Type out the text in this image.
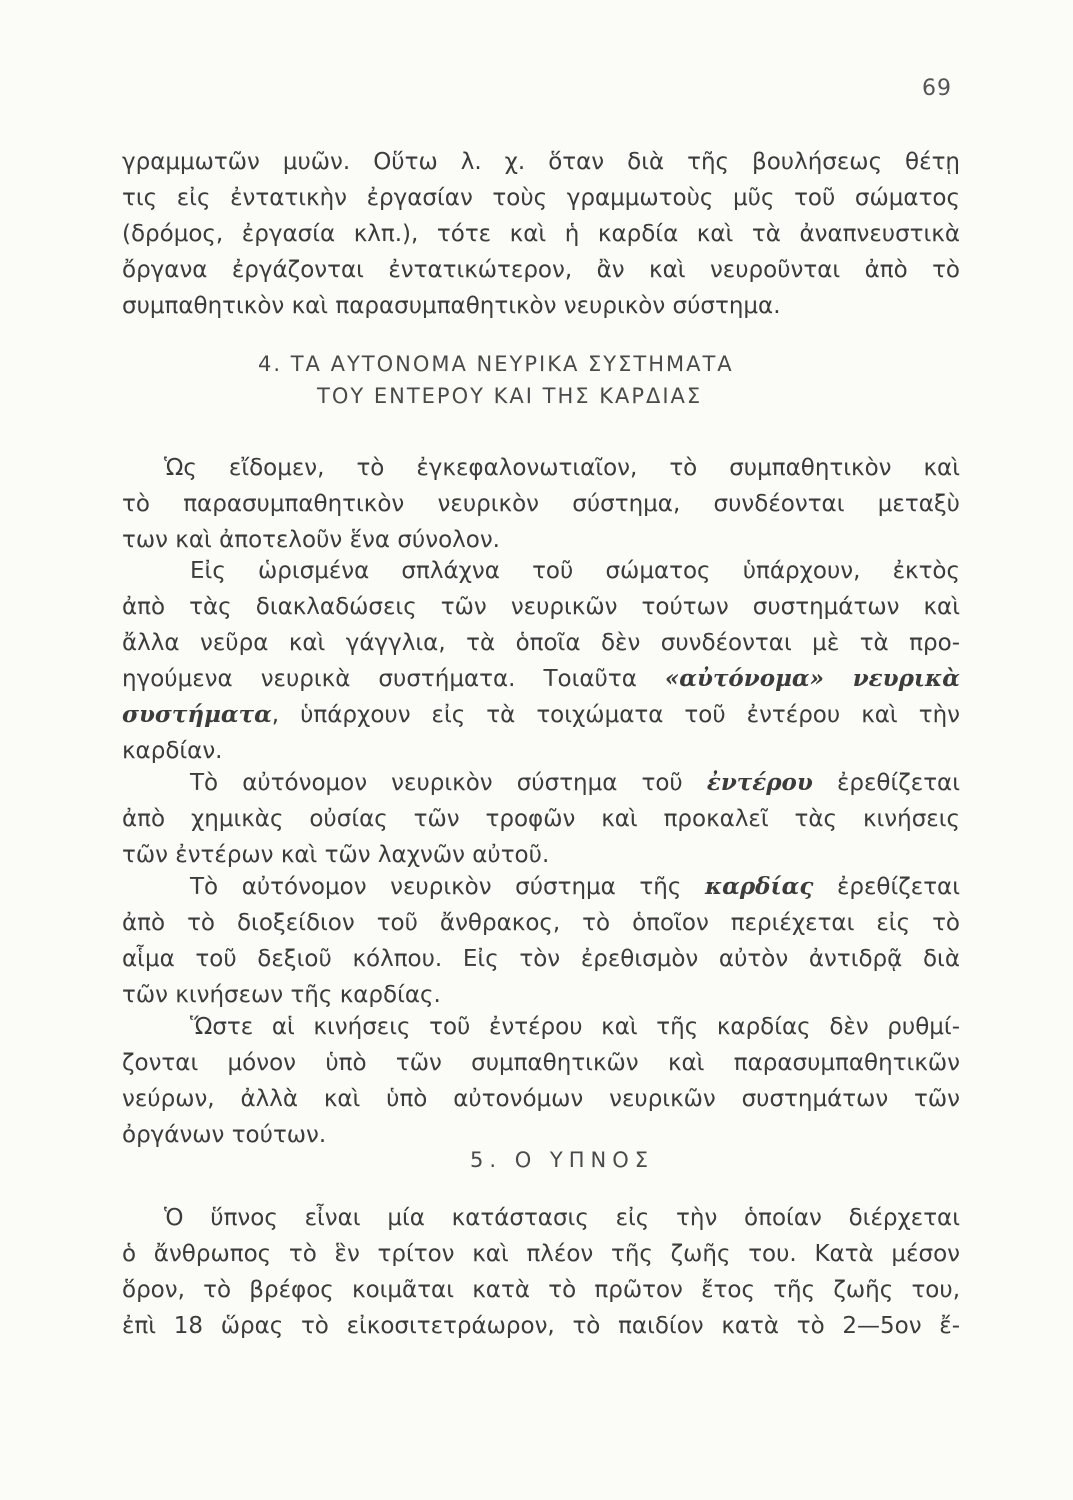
69
γραμμωτῶν μυῶν. Οὕτω λ. χ. ὅταν διὰ τῆς βουλήσεως θέτῃ
τις εἰς ἐντατικὴν ἐργασίαν τοὺς γραμμωτοὺς μῦς τοῦ σώματος
(δρόμος, ἐργασία κλπ.), τότε καὶ ἡ καρδία καὶ τὰ ἀναπνευστικὰ
ὄργανα ἐργάζονται ἐντατικώτερον, ἂν καὶ νευροῦνται ἀπὸ τὸ
συμπαθητικὸν καὶ παρασυμπαθητικὸν νευρικὸν σύστημα.
4. ΤΑ ΑΥΤΟΝΟΜΑ ΝΕΥΡΙΚΑ ΣΥΣΤΗΜΑΤΑ
ΤΟΥ ΕΝΤΕΡΟΥ ΚΑΙ ΤΗΣ ΚΑΡΔΙΑΣ
Ὡς εἴδομεν, τὸ ἐγκεφαλονωτιαῖον, τὸ συμπαθητικὸν καὶ
τὸ παρασυμπαθητικὸν νευρικὸν σύστημα, συνδέονται μεταξὺ
των καὶ ἀποτελοῦν ἕνα σύνολον.
Εἰς ὡρισμένα σπλάχνα τοῦ σώματος ὑπάρχουν, ἐκτὸς
ἀπὸ τὰς διακλαδώσεις τῶν νευρικῶν τούτων συστημάτων καὶ
ἄλλα νεῦρα καὶ γάγγλια, τὰ ὁποῖα δὲν συνδέονται μὲ τὰ προ-
ηγούμενα νευρικὰ συστήματα. Τοιαῦτα «αὐτόνομα» νευρικὰ
συστήματα, ὑπάρχουν εἰς τὰ τοιχώματα τοῦ ἐντέρου καὶ τὴν
καρδίαν.
Τὸ αὐτόνομον νευρικὸν σύστημα τοῦ ἐντέρου ἐρεθίζεται
ἀπὸ χημικὰς οὐσίας τῶν τροφῶν καὶ προκαλεῖ τὰς κινήσεις
τῶν ἐντέρων καὶ τῶν λαχνῶν αὐτοῦ.
Τὸ αὐτόνομον νευρικὸν σύστημα τῆς καρδίας ἐρεθίζεται
ἀπὸ τὸ διοξείδιον τοῦ ἄνθρακος, τὸ ὁποῖον περιέχεται εἰς τὸ
αἷμα τοῦ δεξιοῦ κόλπου. Εἰς τὸν ἐρεθισμὸν αὐτὸν ἀντιδρᾷ διὰ
τῶν κινήσεων τῆς καρδίας.
Ὥστε αἱ κινήσεις τοῦ ἐντέρου καὶ τῆς καρδίας δὲν ρυθμί-
ζονται μόνον ὑπὸ τῶν συμπαθητικῶν καὶ παρασυμπαθητικῶν
νεύρων, ἀλλὰ καὶ ὑπὸ αὐτονόμων νευρικῶν συστημάτων τῶν
ὀργάνων τούτων.
5. Ο ΥΠΝΟΣ
Ὁ ὕπνος εἶναι μία κατάστασις εἰς τὴν ὁποίαν διέρχεται
ὁ ἄνθρωπος τὸ ἓν τρίτον καὶ πλέον τῆς ζωῆς του. Κατὰ μέσον
ὅρον, τὸ βρέφος κοιμᾶται κατὰ τὸ πρῶτον ἔτος τῆς ζωῆς του,
ἐπὶ 18 ὥρας τὸ εἰκοσιτετράωρον, τὸ παιδίον κατὰ τὸ 2—5ον ἔ-
